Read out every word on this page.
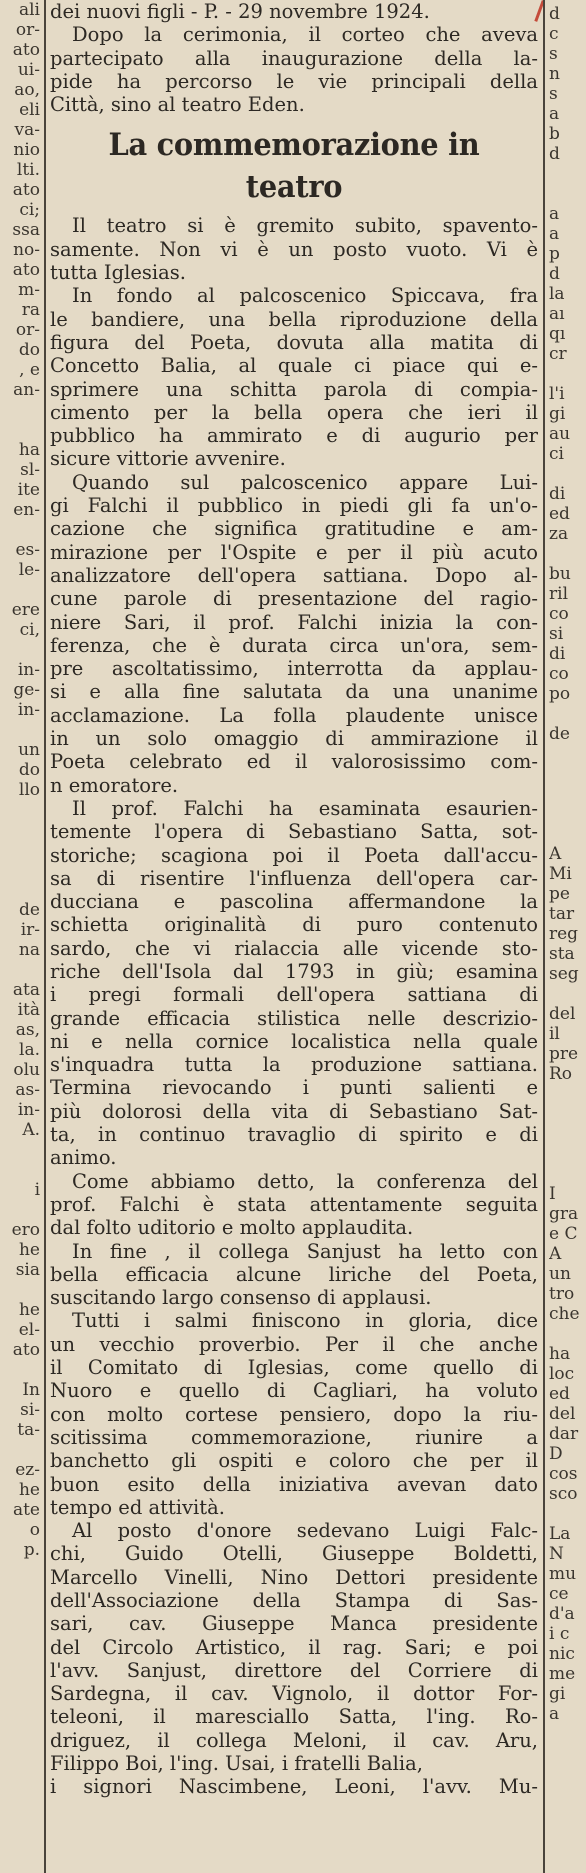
ali
or-
ato
ui-
ao,
eli
va-
nio
lti.
ato
ci;
ssa
no-
ato
m-
ra
or-
do
, e
an-
ha
sl-
ite
en-
es-
le-
ere
ci,
in-
ge-
in-
un
do
llo
de
ir-
na
ata
ità
as,
la.
olu
as-
in-
A.
i
ero
he
sia
he
el-
ato
In
si-
ta-
ez-
he
ate
o
p.
d
c
s
n
s
a
b
d
a
a
p
d
la
aı
qı
cr
l'i
gi
au
ci
di
ed
za
bu
ril
co
si
di
co
po
de
A
Mi
pe
tar
reg
sta
seg
del
il
pre
Ro
I
gra
e C
A
un
tro
che
ha
loc
ed
del
dar
D
cos
sco
La
N
mu
ce
d'a
i c
nic
me
gi
a
dei nuovi figli - P. - 29 novembre 1924.
Dopo la cerimonia, il corteo che aveva
partecipato alla inaugurazione della la-
pide ha percorso le vie principali della
Città, sino al teatro Eden.
La commemorazione in teatro
Il teatro si è gremito subito, spavento-
samente. Non vi è un posto vuoto. Vi è
tutta Iglesias.
In fondo al palcoscenico Spiccava, fra
le bandiere, una bella riproduzione della
figura del Poeta, dovuta alla matita di
Concetto Balia, al quale ci piace qui e-
sprimere una schitta parola di compia-
cimento per la bella opera che ieri il
pubblico ha ammirato e di augurio per
sicure vittorie avvenire.
Quando sul palcoscenico appare Lui-
gi Falchi il pubblico in piedi gli fa un'o-
cazione che significa gratitudine e am-
mirazione per l'Ospite e per il più acuto
analizzatore dell'opera sattiana. Dopo al-
cune parole di presentazione del ragio-
niere Sari, il prof. Falchi inizia la con-
ferenza, che è durata circa un'ora, sem-
pre ascoltatissimo, interrotta da applau-
si e alla fine salutata da una unanime
acclamazione. La folla plaudente unisce
in un solo omaggio di ammirazione il
Poeta celebrato ed il valorosissimo com-
n emoratore.
Il prof. Falchi ha esaminata esaurien-
temente l'opera di Sebastiano Satta, sot-
storiche; scagiona poi il Poeta dall'accu-
sa di risentire l'influenza dell'opera car-
ducciana e pascolina affermandone la
schietta originalità di puro contenuto
sardo, che vi rialaccia alle vicende sto-
riche dell'Isola dal 1793 in giù; esamina
i pregi formali dell'opera sattiana di
grande efficacia stilistica nelle descrizio-
ni e nella cornice localistica nella quale
s'inquadra tutta la produzione sattiana.
Termina rievocando i punti salienti e
più dolorosi della vita di Sebastiano Sat-
ta, in continuo travaglio di spirito e di
animo.
Come abbiamo detto, la conferenza del
prof. Falchi è stata attentamente seguita
dal folto uditorio e molto applaudita.
In fine , il collega Sanjust ha letto con
bella efficacia alcune liriche del Poeta,
suscitando largo consenso di applausi.
Tutti i salmi finiscono in gloria, dice
un vecchio proverbio. Per il che anche
il Comitato di Iglesias, come quello di
Nuoro e quello di Cagliari, ha voluto
con molto cortese pensiero, dopo la riu-
scitissima commemorazione, riunire a
banchetto gli ospiti e coloro che per il
buon esito della iniziativa avevan dato
tempo ed attività.
Al posto d'onore sedevano Luigi Falc-
chi, Guido Otelli, Giuseppe Boldetti,
Marcello Vinelli, Nino Dettori presidente
dell'Associazione della Stampa di Sas-
sari, cav. Giuseppe Manca presidente
del Circolo Artistico, il rag. Sari; e poi
l'avv. Sanjust, direttore del Corriere di
Sardegna, il cav. Vignolo, il dottor For-
teleoni, il maresciallo Satta, l'ing. Ro-
driguez, il collega Meloni, il cav. Aru,
Filippo Boi, l'ing. Usai, i fratelli Balia,
i signori Nascimbene, Leoni, l'avv. Mu-
